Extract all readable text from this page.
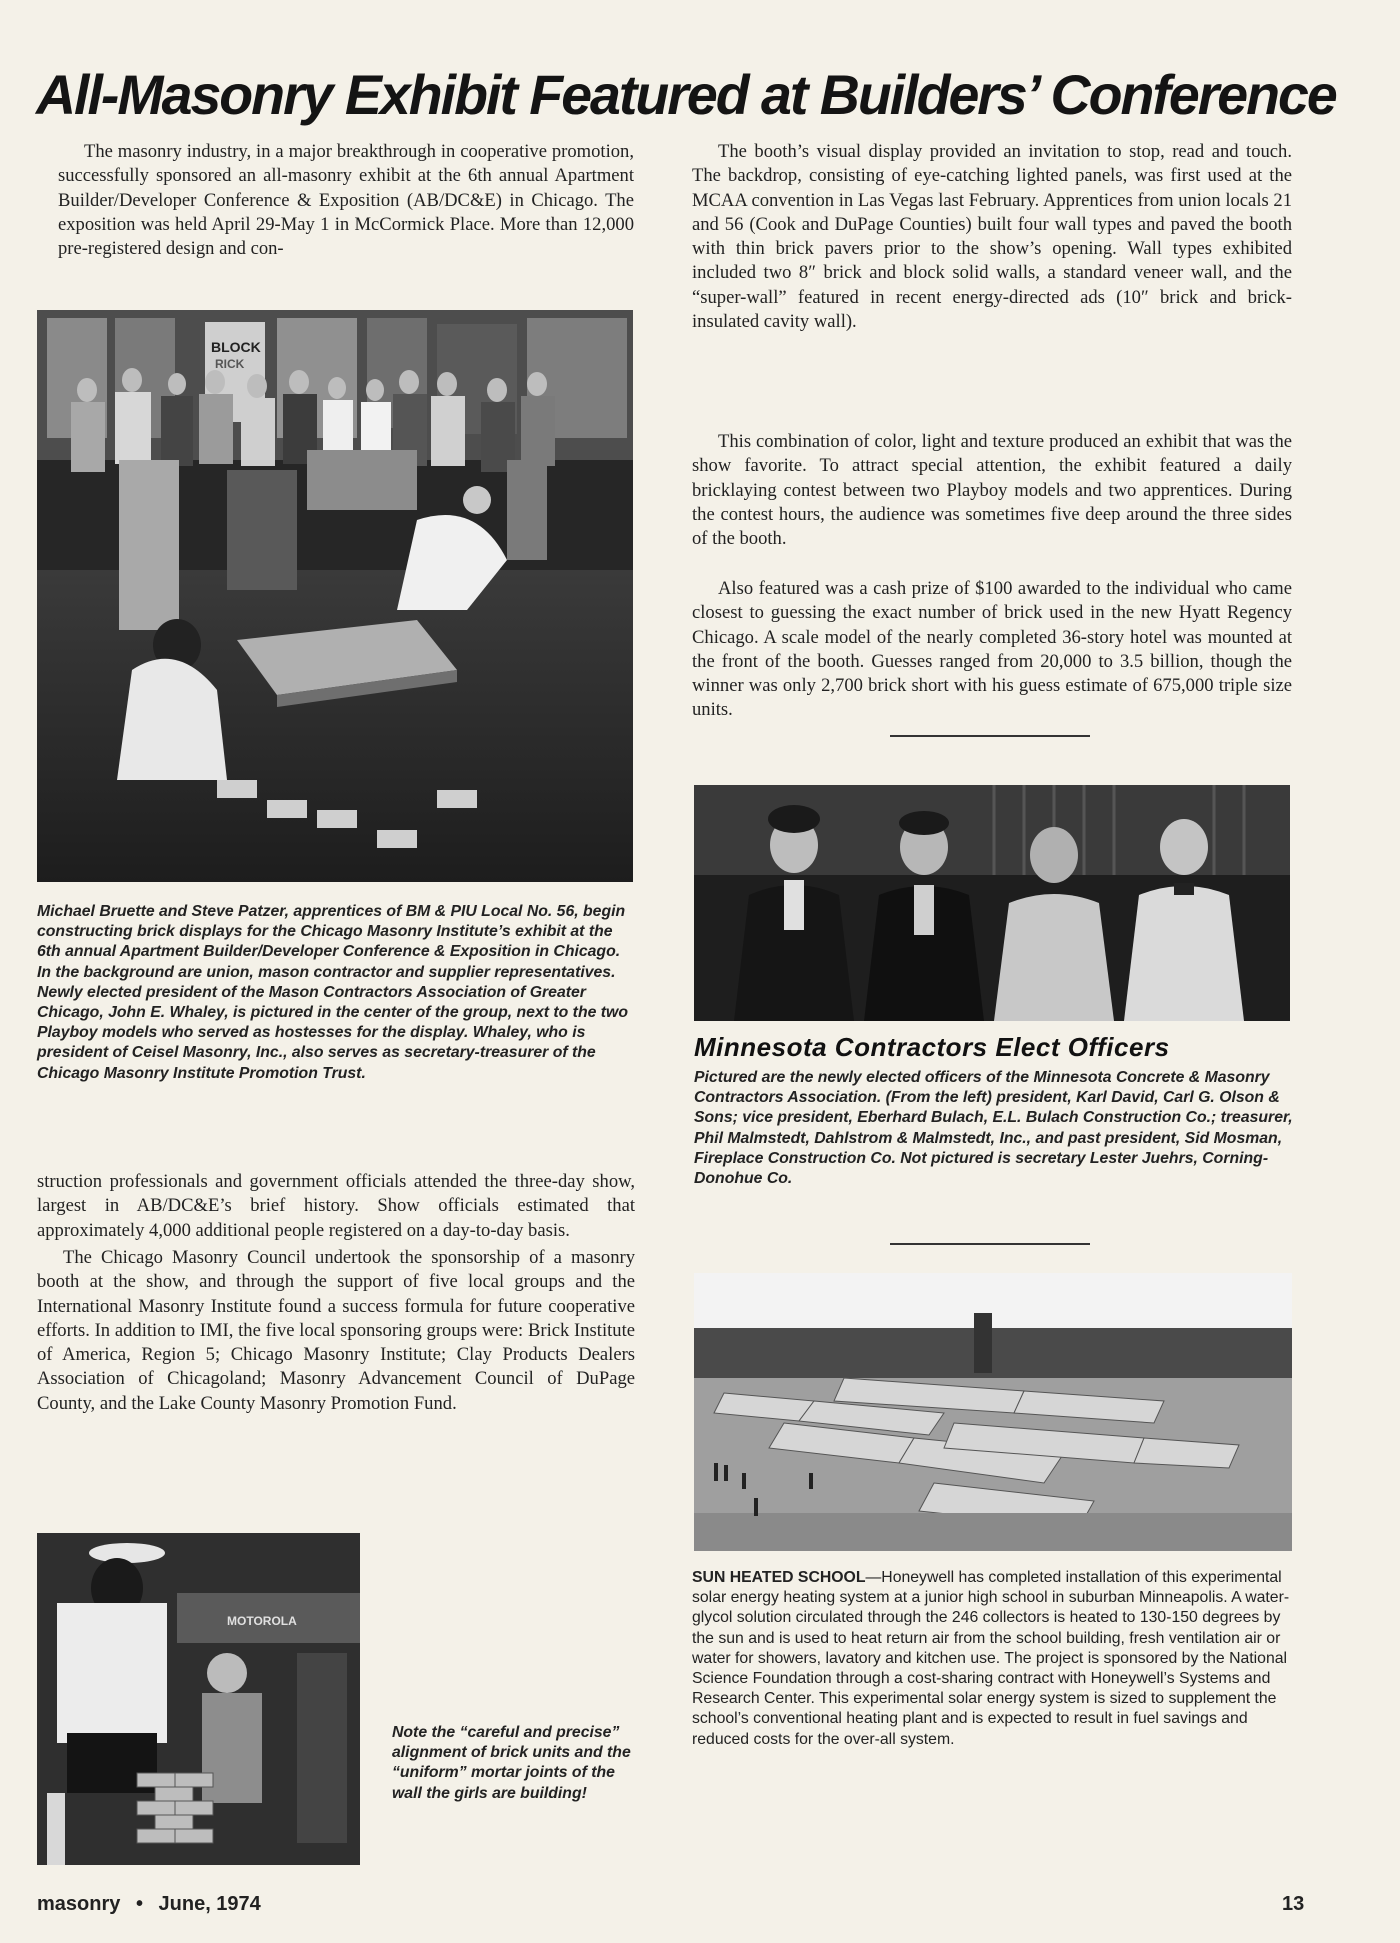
All-Masonry Exhibit Featured at Builders’ Conference

The masonry industry, in a major breakthrough in cooperative promotion, successfully sponsored an all-masonry exhibit at the 6th annual Apartment Builder/Developer Conference & Exposition (AB/DC&E) in Chicago. The exposition was held April 29-May 1 in McCormick Place. More than 12,000 pre-registered design and con-

BLOCK
RICK

Michael Bruette and Steve Patzer, apprentices of BM & PIU Local No. 56, begin constructing brick displays for the Chicago Masonry Institute’s exhibit at the 6th annual Apartment Builder/Developer Conference & Exposition in Chicago. In the background are union, mason contractor and supplier representatives. Newly elected president of the Mason Contractors Association of Greater Chicago, John E. Whaley, is pictured in the center of the group, next to the two Playboy models who served as hostesses for the display. Whaley, who is president of Ceisel Masonry, Inc., also serves as secretary-treasurer of the Chicago Masonry Institute Promotion Trust.

struction professionals and government officials attended the three-day show, largest in AB/DC&E’s brief history. Show officials estimated that approximately 4,000 additional people registered on a day-to-day basis.

The Chicago Masonry Council undertook the sponsorship of a masonry booth at the show, and through the support of five local groups and the International Masonry Institute found a success formula for future cooperative efforts. In addition to IMI, the five local sponsoring groups were: Brick Institute of America, Region 5; Chicago Masonry Institute; Clay Products Dealers Association of Chicagoland; Masonry Advancement Council of DuPage County, and the Lake County Masonry Promotion Fund.

MOTOROLA

Note the “careful and precise” alignment of brick units and the “uniform” mortar joints of the wall the girls are building!

The booth’s visual display provided an invitation to stop, read and touch. The backdrop, consisting of eye-catching lighted panels, was first used at the MCAA convention in Las Vegas last February. Apprentices from union locals 21 and 56 (Cook and DuPage Counties) built four wall types and paved the booth with thin brick pavers prior to the show’s opening. Wall types exhibited included two 8″ brick and block solid walls, a standard veneer wall, and the “super-wall” featured in recent energy-directed ads (10″ brick and brick-insulated cavity wall).

This combination of color, light and texture produced an exhibit that was the show favorite. To attract special attention, the exhibit featured a daily bricklaying contest between two Playboy models and two apprentices. During the contest hours, the audience was sometimes five deep around the three sides of the booth.

Also featured was a cash prize of $100 awarded to the individual who came closest to guessing the exact number of brick used in the new Hyatt Regency Chicago. A scale model of the nearly completed 36-story hotel was mounted at the front of the booth. Guesses ranged from 20,000 to 3.5 billion, though the winner was only 2,700 brick short with his guess estimate of 675,000 triple size units.

Minnesota Contractors Elect Officers

Pictured are the newly elected officers of the Minnesota Concrete & Masonry Contractors Association. (From the left) president, Karl David, Carl G. Olson & Sons; vice president, Eberhard Bulach, E.L. Bulach Construction Co.; treasurer, Phil Malmstedt, Dahlstrom & Malmstedt, Inc., and past president, Sid Mosman, Fireplace Construction Co. Not pictured is secretary Lester Juehrs, Corning-Donohue Co.

SUN HEATED SCHOOL—Honeywell has completed installation of this experimental solar energy heating system at a junior high school in suburban Minneapolis. A water-glycol solution circulated through the 246 collectors is heated to 130-150 degrees by the sun and is used to heat return air from the school building, fresh ventilation air or water for showers, lavatory and kitchen use. The project is sponsored by the National Science Foundation through a cost-sharing contract with Honeywell’s Systems and Research Center. This experimental solar energy system is sized to supplement the school’s conventional heating plant and is expected to result in fuel savings and reduced costs for the over-all system.

masonry • June, 1974	13
